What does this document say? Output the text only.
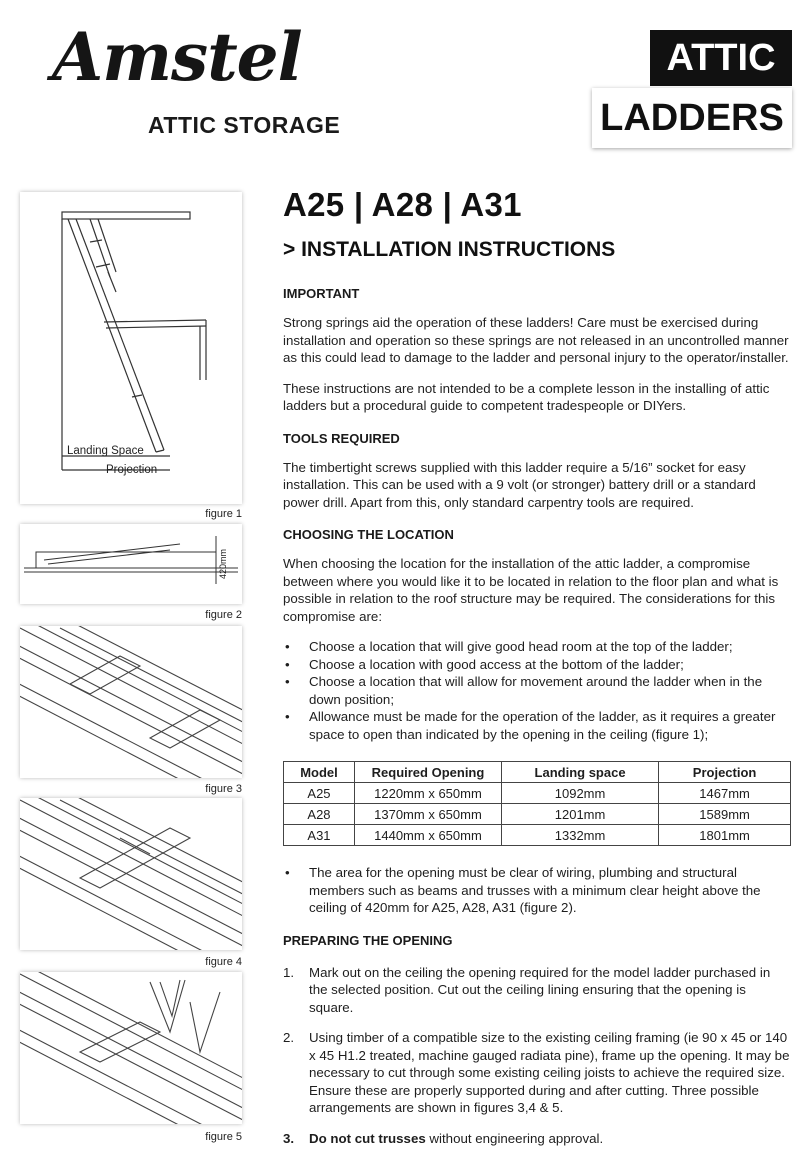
Amstel
ATTIC STORAGE
ATTIC
LADDERS
Landing Space
Projection
figure 1
420mm
figure 2
figure 3
figure 4
figure 5
A25 | A28 | A31
> INSTALLATION INSTRUCTIONS
IMPORTANT
Strong springs aid the operation of these ladders! Care must be exercised during installation and operation so these springs are not released in an uncontrolled manner as this could lead to damage to the ladder and personal injury to the operator/installer.
These instructions are not intended to be a complete lesson in the installing of attic ladders but a procedural guide to competent tradespeople or DIYers.
TOOLS REQUIRED
The timbertight screws supplied with this ladder require a 5/16” socket for easy installation. This can be used with a 9 volt (or stronger) battery drill or a standard power drill. Apart from this, only standard carpentry tools are required.
CHOOSING THE LOCATION
When choosing the location for the installation of the attic ladder, a compromise between where you would like it to be located in relation to the floor plan and what is possible in relation to the roof structure may be required. The considerations for this compromise are:
• Choose a location that will give good head room at the top of the ladder;
• Choose a location with good access at the bottom of the ladder;
• Choose a location that will allow for movement around the ladder when in the down position;
• Allowance must be made for the operation of the ladder, as it requires a greater space to open than indicated by the opening in the ceiling (figure 1);
Model	Required Opening	Landing space	Projection
A25	1220mm x 650mm	1092mm	1467mm
A28	1370mm x 650mm	1201mm	1589mm
A31	1440mm x 650mm	1332mm	1801mm
• The area for the opening must be clear of wiring, plumbing and structural members such as beams and trusses with a minimum clear height above the ceiling of 420mm for A25, A28, A31 (figure 2).
PREPARING THE OPENING
1. Mark out on the ceiling the opening required for the model ladder purchased in the selected position. Cut out the ceiling lining ensuring that the opening is square.
2. Using timber of a compatible size to the existing ceiling framing (ie 90 x 45 or 140 x 45 H1.2 treated, machine gauged radiata pine), frame up the opening. It may be necessary to cut through some existing ceiling joists to achieve the required size. Ensure these are properly supported during and after cutting. Three possible arrangements are shown in figures 3,4 & 5.
3. Do not cut trusses without engineering approval.
